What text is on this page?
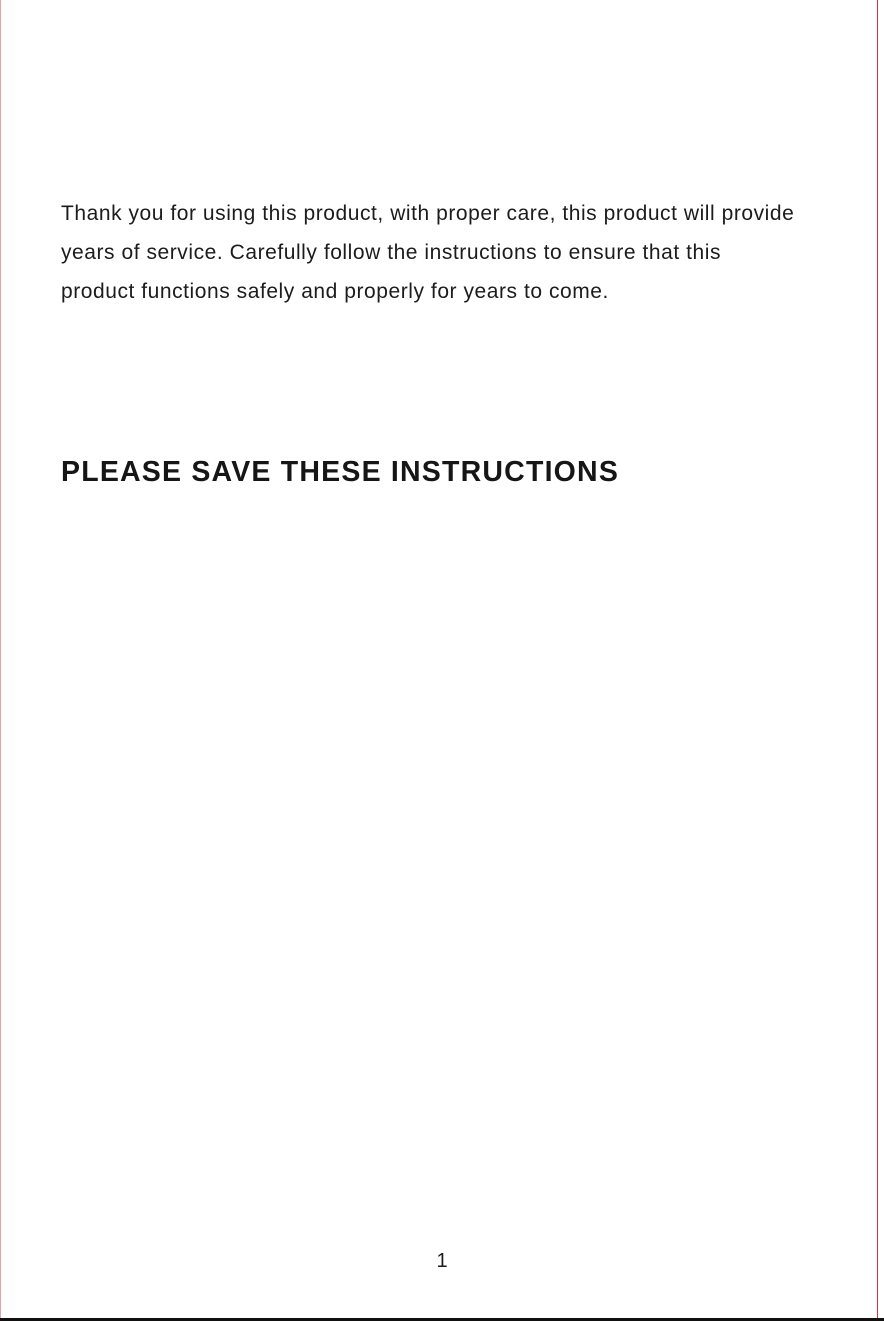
Thank you for using this product, with proper care, this product will provide
years of service. Carefully follow the instructions to ensure that this
product functions safely and properly for years to come.

PLEASE SAVE THESE INSTRUCTIONS
1
